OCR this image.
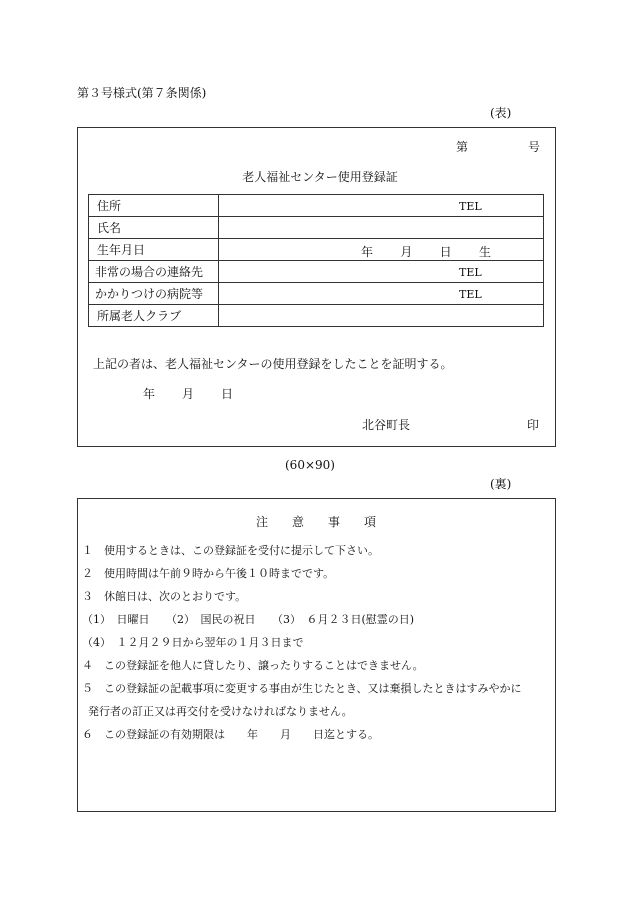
第３号様式(第７条関係)
(表)
第	号
老人福祉センター使用登録証
住所	TEL

氏名	

生年月日	年 月 日 生

非常の場合の連絡先	TEL

かかりつけの病院等	TEL

所属老人クラブ	

上記の者は、老人福祉センターの使用登録をしたことを証明する。
年 月 日
北谷町長	印
(60×90)
(裏)
注 意 事 項
１　使用するときは、この登録証を受付に提示して下さい。
２　使用時間は午前９時から午後１０時までです。
３　休館日は、次のとおりです。
（1）　日曜日　　（2）　国民の祝日　　（3）　６月２３日(慰霊の日)
（4）　１２月２９日から翌年の１月３日まで
４　この登録証を他人に貸したり、譲ったりすることはできません。
５　この登録証の記載事項に変更する事由が生じたとき、又は棄損したときはすみやかに
発行者の訂正又は再交付を受けなければなりません。
６　この登録証の有効期限は　　年　　月　　日迄とする。
